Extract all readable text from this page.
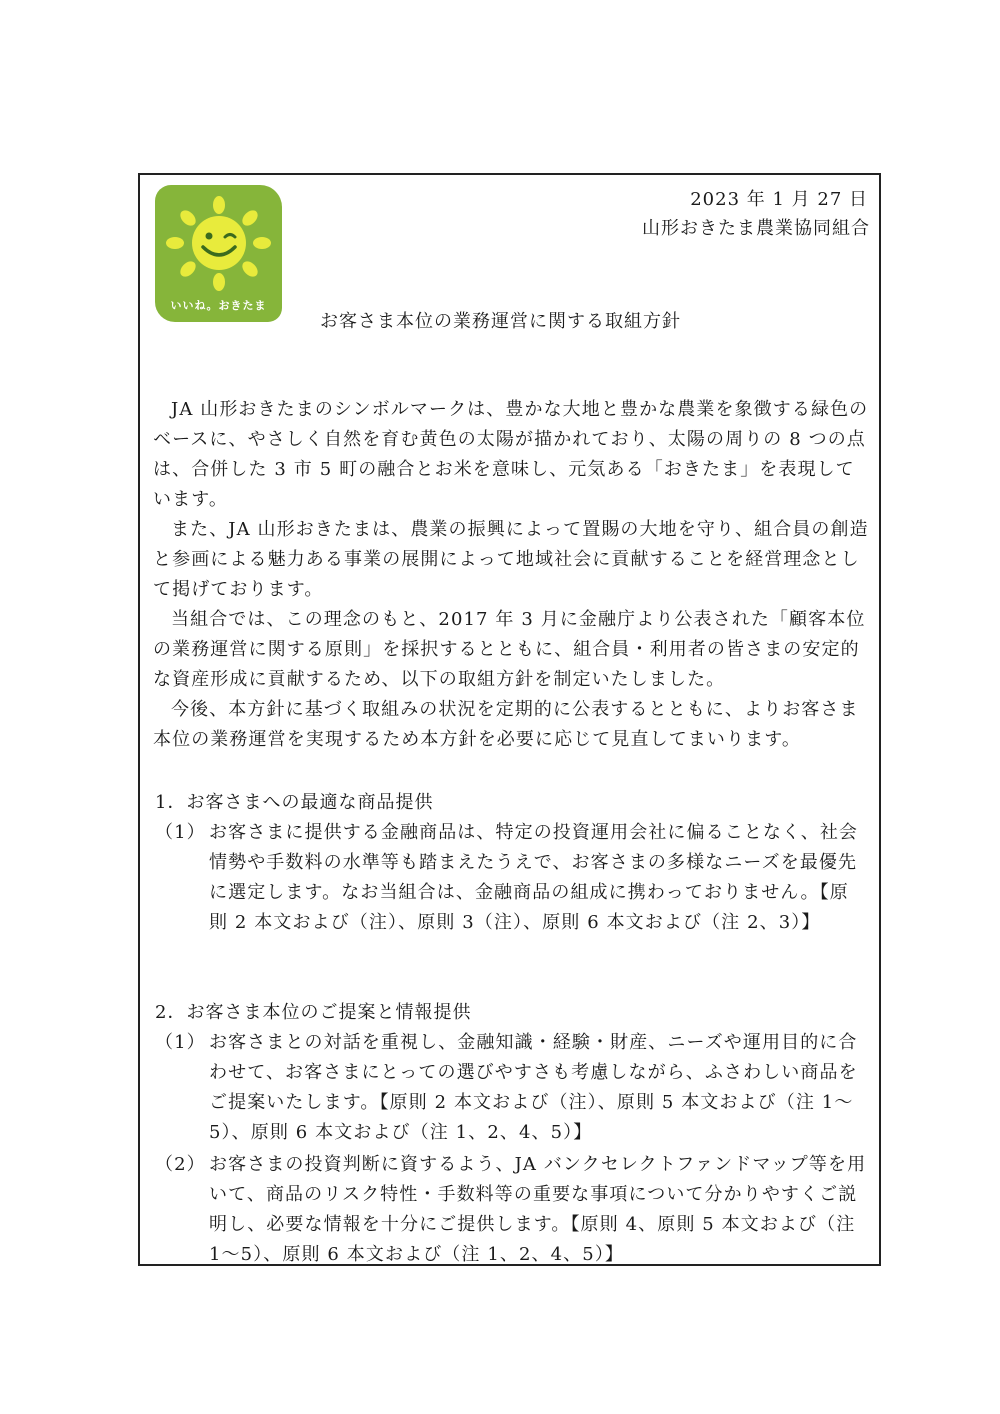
いいね。おきたま
2023 年 1 月 27 日
山形おきたま農業協同組合
お客さま本位の業務運営に関する取組方針

JA 山形おきたまのシンボルマークは、豊かな大地と豊かな農業を象徴する緑色のベースに、やさしく自然を育む黄色の太陽が描かれており、太陽の周りの 8 つの点は、合併した 3 市 5 町の融合とお米を意味し、元気ある「おきたま」を表現しています。

また、JA 山形おきたまは、農業の振興によって置賜の大地を守り、組合員の創造と参画による魅力ある事業の展開によって地域社会に貢献することを経営理念として掲げております。

当組合では、この理念のもと、2017 年 3 月に金融庁より公表された「顧客本位の業務運営に関する原則」を採択するとともに、組合員・利用者の皆さまの安定的な資産形成に貢献するため、以下の取組方針を制定いたしました。

今後、本方針に基づく取組みの状況を定期的に公表するとともに、よりお客さま本位の業務運営を実現するため本方針を必要に応じて見直してまいります。

1．お客さまへの最適な商品提供

（1） お客さまに提供する金融商品は、特定の投資運用会社に偏ることなく、社会情勢や手数料の水準等も踏まえたうえで、お客さまの多様なニーズを最優先に選定します。なお当組合は、金融商品の組成に携わっておりません。【原則 2 本文および（注）、原則 3（注）、原則 6 本文および（注 2、3）】

2．お客さま本位のご提案と情報提供

（1） お客さまとの対話を重視し、金融知識・経験・財産、ニーズや運用目的に合わせて、お客さまにとっての選びやすさも考慮しながら、ふさわしい商品をご提案いたします。【原則 2 本文および（注）、原則 5 本文および（注 1〜5）、原則 6 本文および（注 1、2、4、5）】
（2） お客さまの投資判断に資するよう、JA バンクセレクトファンドマップ等を用いて、商品のリスク特性・手数料等の重要な事項について分かりやすくご説明し、必要な情報を十分にご提供します。【原則 4、原則 5 本文および（注 1〜5）、原則 6 本文および（注 1、2、4、5）】
